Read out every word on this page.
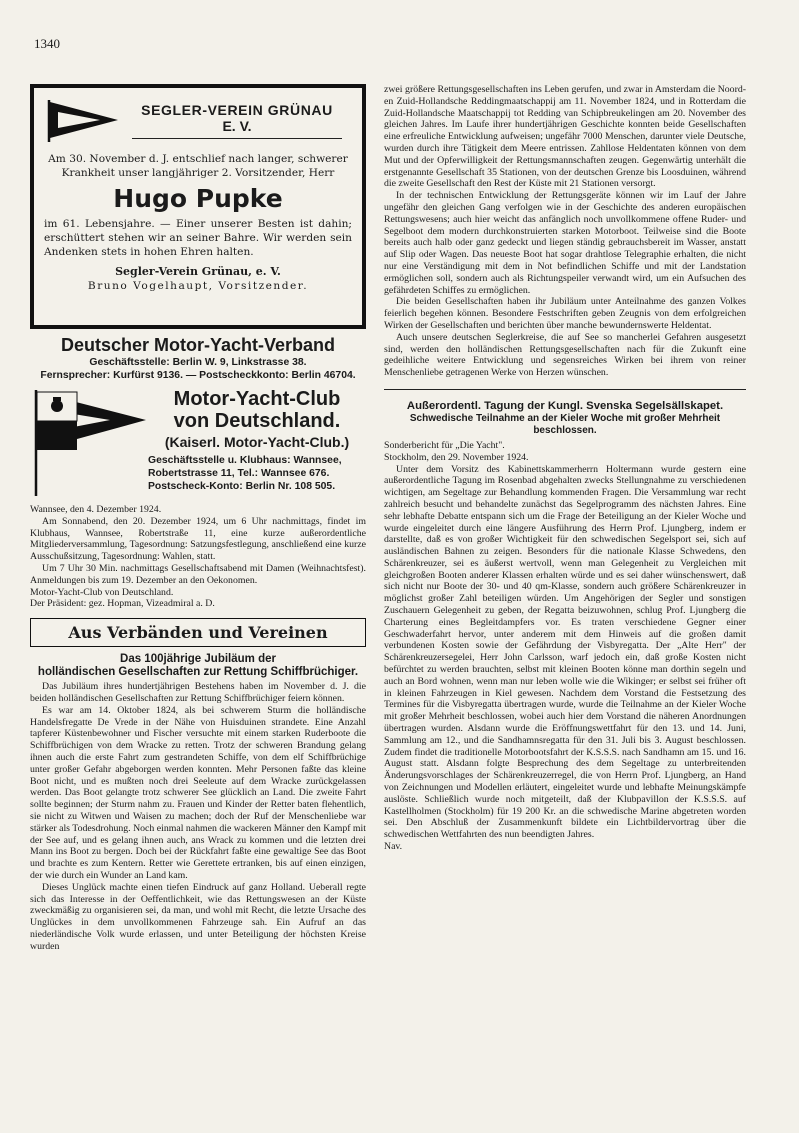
1340
SEGLER-VEREIN GRÜNAU
E. V.
Am 30. November d. J. entschlief nach langer, schwerer Krankheit unser langjähriger 2. Vorsitzender, Herr
Hugo Pupke
im 61. Lebensjahre. — Einer unserer Besten ist dahin; erschüttert stehen wir an seiner Bahre. Wir werden sein Andenken stets in hohen Ehren halten.
Segler-Verein Grünau, e. V.
Bruno Vogelhaupt, Vorsitzender.
Deutscher Motor-Yacht-Verband
Geschäftsstelle: Berlin W. 9, Linkstrasse 38.
Fernsprecher: Kurfürst 9136. — Postscheckkonto: Berlin 46704.
Motor-Yacht-Club
von Deutschland.
(Kaiserl. Motor-Yacht-Club.)
Geschäftsstelle u. Klubhaus: Wannsee,
Robertstrasse 11, Tel.: Wannsee 676.
Postscheck-Konto: Berlin Nr. 108 505.

Wannsee, den 4. Dezember 1924.

Am Sonnabend, den 20. Dezember 1924, um 6 Uhr nachmittags, findet im Klubhaus, Wannsee, Robertstraße 11, eine kurze außerordentliche Mitgliederversammlung, Tagesordnung: Satzungsfestlegung, anschließend eine kurze Ausschußsitzung, Tagesordnung: Wahlen, statt.

Um 7 Uhr 30 Min. nachmittags Gesellschaftsabend mit Damen (Weihnachtsfest). Anmeldungen bis zum 19. Dezember an den Oekonomen.

Motor-Yacht-Club von Deutschland.

Der Präsident: gez. Hopman, Vizeadmiral a. D.

Aus Verbänden und Vereinen
Das 100jährige Jubiläum der
holländischen Gesellschaften zur Rettung Schiffbrüchiger.

Das Jubiläum ihres hundertjährigen Bestehens haben im November d. J. die beiden holländischen Gesellschaften zur Rettung Schiffbrüchiger feiern können.

Es war am 14. Oktober 1824, als bei schwerem Sturm die holländische Handelsfregatte De Vrede in der Nähe von Huisduinen strandete. Eine Anzahl tapferer Küstenbewohner und Fischer versuchte mit einem starken Ruderboote die Schiffbrüchigen von dem Wracke zu retten. Trotz der schweren Brandung gelang ihnen auch die erste Fahrt zum gestrandeten Schiffe, von dem elf Schiffbrüchige unter großer Gefahr abgeborgen werden konnten. Mehr Personen faßte das kleine Boot nicht, und es mußten noch drei Seeleute auf dem Wracke zurückgelassen werden. Das Boot gelangte trotz schwerer See glücklich an Land. Die zweite Fahrt sollte beginnen; der Sturm nahm zu. Frauen und Kinder der Retter baten flehentlich, sie nicht zu Witwen und Waisen zu machen; doch der Ruf der Menschenliebe war stärker als Todesdrohung. Noch einmal nahmen die wackeren Männer den Kampf mit der See auf, und es gelang ihnen auch, ans Wrack zu kommen und die letzten drei Mann ins Boot zu bergen. Doch bei der Rückfahrt faßte eine gewaltige See das Boot und brachte es zum Kentern. Retter wie Gerettete ertranken, bis auf einen einzigen, der wie durch ein Wunder an Land kam.

Dieses Unglück machte einen tiefen Eindruck auf ganz Holland. Ueberall regte sich das Interesse in der Oeffentlichkeit, wie das Rettungswesen an der Küste zweckmäßig zu organisieren sei, da man, und wohl mit Recht, die letzte Ursache des Unglückes in dem unvollkommenen Fahrzeuge sah. Ein Aufruf an das niederländische Volk wurde erlassen, und unter Beteiligung der höchsten Kreise wurden

zwei größere Rettungsgesellschaften ins Leben gerufen, und zwar in Amsterdam die Noord- en Zuid-Hollandsche Reddingmaatschappij am 11. November 1824, und in Rotterdam die Zuid-Hollandsche Maatschappij tot Redding van Schipbreukelingen am 20. November des gleichen Jahres. Im Laufe ihrer hundertjährigen Geschichte konnten beide Gesellschaften eine erfreuliche Entwicklung aufweisen; ungefähr 7000 Menschen, darunter viele Deutsche, wurden durch ihre Tätigkeit dem Meere entrissen. Zahllose Heldentaten können von dem Mut und der Opferwilligkeit der Rettungsmannschaften zeugen. Gegenwärtig unterhält die erstgenannte Gesellschaft 35 Stationen, von der deutschen Grenze bis Loosduinen, während die zweite Gesellschaft den Rest der Küste mit 21 Stationen versorgt.

In der technischen Entwicklung der Rettungsgeräte können wir im Lauf der Jahre ungefähr den gleichen Gang verfolgen wie in der Geschichte des anderen europäischen Rettungswesens; auch hier weicht das anfänglich noch unvollkommene offene Ruder- und Segelboot dem modern durchkonstruierten starken Motorboot. Teilweise sind die Boote bereits auch halb oder ganz gedeckt und liegen ständig gebrauchsbereit im Wasser, anstatt auf Slip oder Wagen. Das neueste Boot hat sogar drahtlose Telegraphie erhalten, die nicht nur eine Verständigung mit dem in Not befindlichen Schiffe und mit der Landstation ermöglichen soll, sondern auch als Richtungspeiler verwandt wird, um ein Aufsuchen des gefährdeten Schiffes zu ermöglichen.

Die beiden Gesellschaften haben ihr Jubiläum unter Anteilnahme des ganzen Volkes feierlich begehen können. Besondere Festschriften geben Zeugnis von dem erfolgreichen Wirken der Gesellschaften und berichten über manche bewundernswerte Heldentat.

Auch unsere deutschen Seglerkreise, die auf See so mancherlei Gefahren ausgesetzt sind, werden den holländischen Rettungsgesellschaften nach für die Zukunft eine gedeihliche weitere Entwicklung und segensreiches Wirken bei ihrem von reiner Menschenliebe getragenen Werke von Herzen wünschen.

Außerordentl. Tagung der Kungl. Svenska Segelsällskapet.
Schwedische Teilnahme an der Kieler Woche mit großer Mehrheit beschlossen.

Sonderbericht für „Die Yacht".

Stockholm, den 29. November 1924.

Unter dem Vorsitz des Kabinettskammerherrn Holtermann wurde gestern eine außerordentliche Tagung im Rosenbad abgehalten zwecks Stellungnahme zu verschiedenen wichtigen, am Segeltage zur Behandlung kommenden Fragen. Die Versammlung war recht zahlreich besucht und behandelte zunächst das Segelprogramm des nächsten Jahres. Eine sehr lebhafte Debatte entspann sich um die Frage der Beteiligung an der Kieler Woche und wurde eingeleitet durch eine längere Ausführung des Herrn Prof. Ljungberg, indem er darstellte, daß es von großer Wichtigkeit für den schwedischen Segelsport sei, sich auf ausländischen Bahnen zu zeigen. Besonders für die nationale Klasse Schwedens, den Schärenkreuzer, sei es äußerst wertvoll, wenn man Gelegenheit zu Vergleichen mit gleichgroßen Booten anderer Klassen erhalten würde und es sei daher wünschenswert, daß sich nicht nur Boote der 30- und 40 qm-Klasse, sondern auch größere Schärenkreuzer in möglichst großer Zahl beteiligen würden. Um Angehörigen der Segler und sonstigen Zuschauern Gelegenheit zu geben, der Regatta beizuwohnen, schlug Prof. Ljungberg die Charterung eines Begleitdampfers vor. Es traten verschiedene Gegner einer Geschwaderfahrt hervor, unter anderem mit dem Hinweis auf die großen damit verbundenen Kosten sowie der Gefährdung der Visbyregatta. Der „Alte Herr" der Schärenkreuzersegelei, Herr John Carlsson, warf jedoch ein, daß große Kosten nicht befürchtet zu werden brauchten, selbst mit kleinen Booten könne man dorthin segeln und auch an Bord wohnen, wenn man nur leben wolle wie die Wikinger; er selbst sei früher oft in kleinen Fahrzeugen in Kiel gewesen. Nachdem dem Vorstand die Festsetzung des Termines für die Visbyregatta übertragen wurde, wurde die Teilnahme an der Kieler Woche mit großer Mehrheit beschlossen, wobei auch hier dem Vorstand die näheren Anordnungen übertragen wurden. Alsdann wurde die Eröffnungswettfahrt für den 13. und 14. Juni, Sammlung am 12., und die Sandhamnsregatta für den 31. Juli bis 3. August beschlossen. Zudem findet die traditionelle Motorbootsfahrt der K.S.S.S. nach Sandhamn am 15. und 16. August statt. Alsdann folgte Besprechung des dem Segeltage zu unterbreitenden Änderungsvorschlages der Schärenkreuzerregel, die von Herrn Prof. Ljungberg, an Hand von Zeichnungen und Modellen erläutert, eingeleitet wurde und lebhafte Meinungskämpfe auslöste. Schließlich wurde noch mitgeteilt, daß der Klubpavillon der K.S.S.S. auf Kastellholmen (Stockholm) für 19 200 Kr. an die schwedische Marine abgetreten worden sei. Den Abschluß der Zusammenkunft bildete ein Lichtbildervortrag über die schwedischen Wettfahrten des nun beendigten Jahres.

Nav.
